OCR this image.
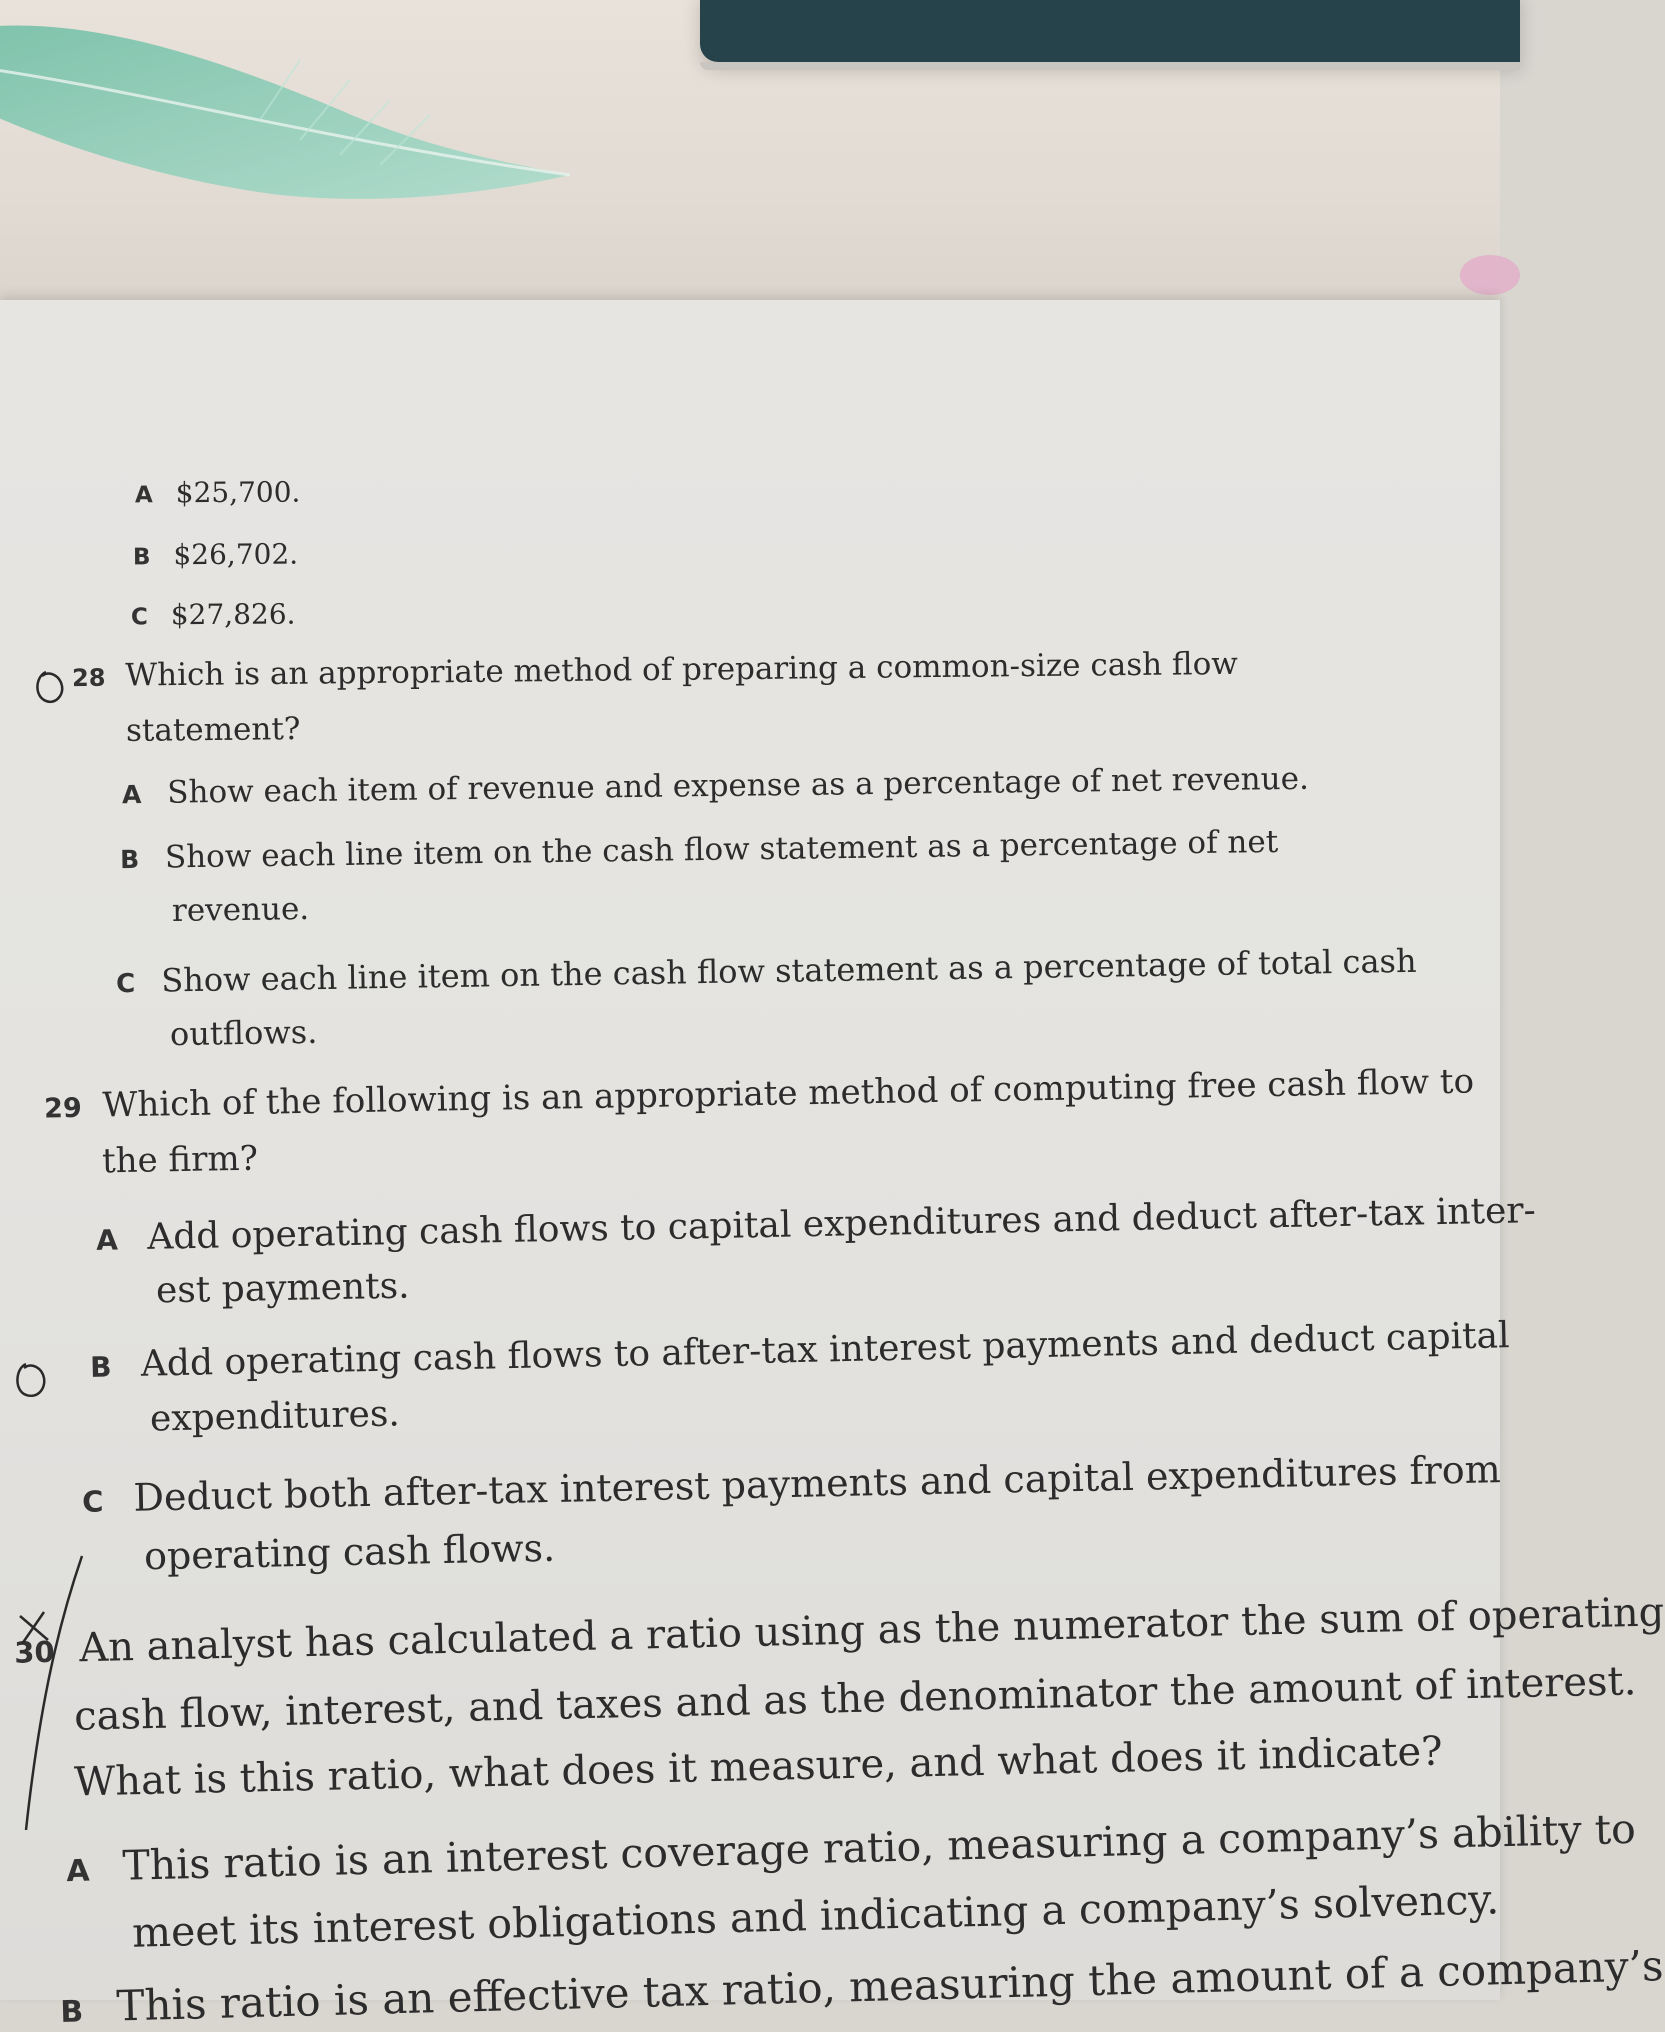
A $25,700.
B $26,702.
C $27,826.
28 Which is an appropriate method of preparing a common-size cash flow
statement?
A Show each item of revenue and expense as a percentage of net revenue.
B Show each line item on the cash flow statement as a percentage of net
revenue.
C Show each line item on the cash flow statement as a percentage of total cash
outflows.
29 Which of the following is an appropriate method of computing free cash flow to
the firm?
A Add operating cash flows to capital expenditures and deduct after-tax inter-
est payments.
B Add operating cash flows to after-tax interest payments and deduct capital
expenditures.
C Deduct both after-tax interest payments and capital expenditures from
operating cash flows.
30 An analyst has calculated a ratio using as the numerator the sum of operating
cash flow, interest, and taxes and as the denominator the amount of interest.
What is this ratio, what does it measure, and what does it indicate?
A This ratio is an interest coverage ratio, measuring a company’s ability to
meet its interest obligations and indicating a company’s solvency.
B This ratio is an effective tax ratio, measuring the amount of a company’s
